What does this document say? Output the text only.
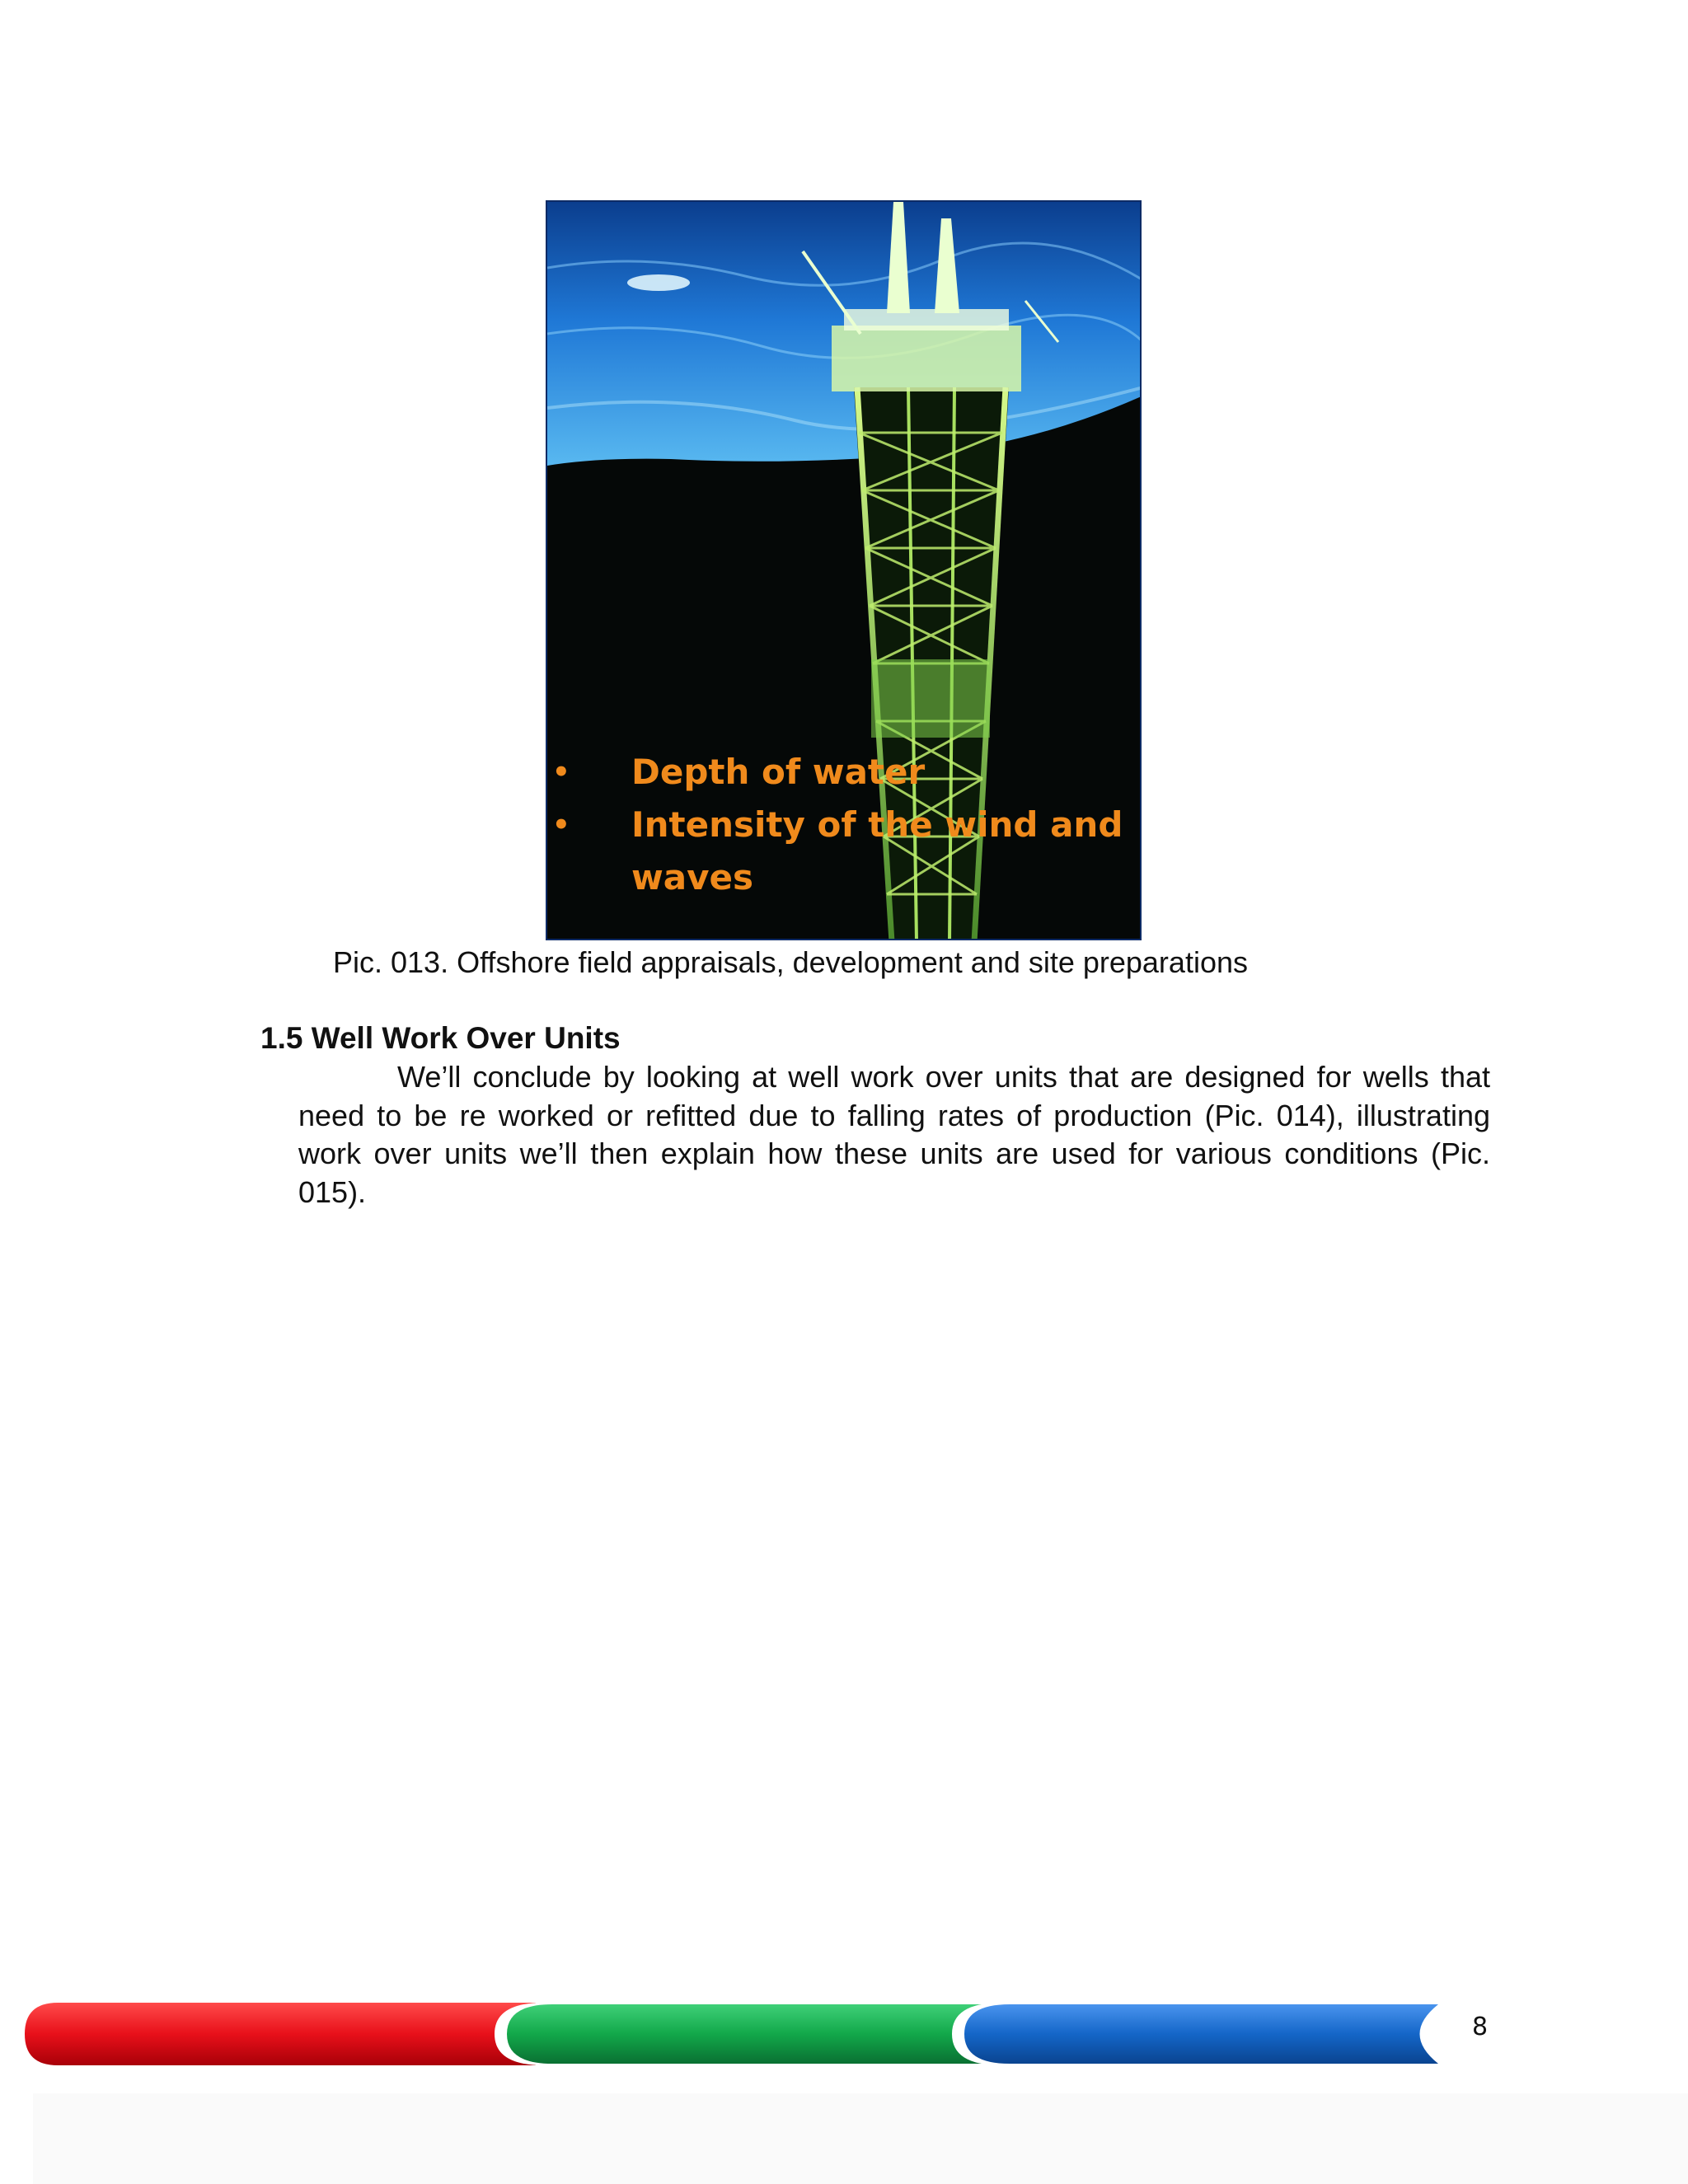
• Depth of water
• Intensity of the wind and
waves
Pic. 013. Offshore field appraisals, development and site preparations
1.5 Well Work Over Units
We’ll conclude by looking at well work over units that are designed for wells that need to be re worked or refitted due to falling rates of production (Pic. 014), illustrating work over units we’ll then explain how these units are used for various conditions (Pic. 015).
8
